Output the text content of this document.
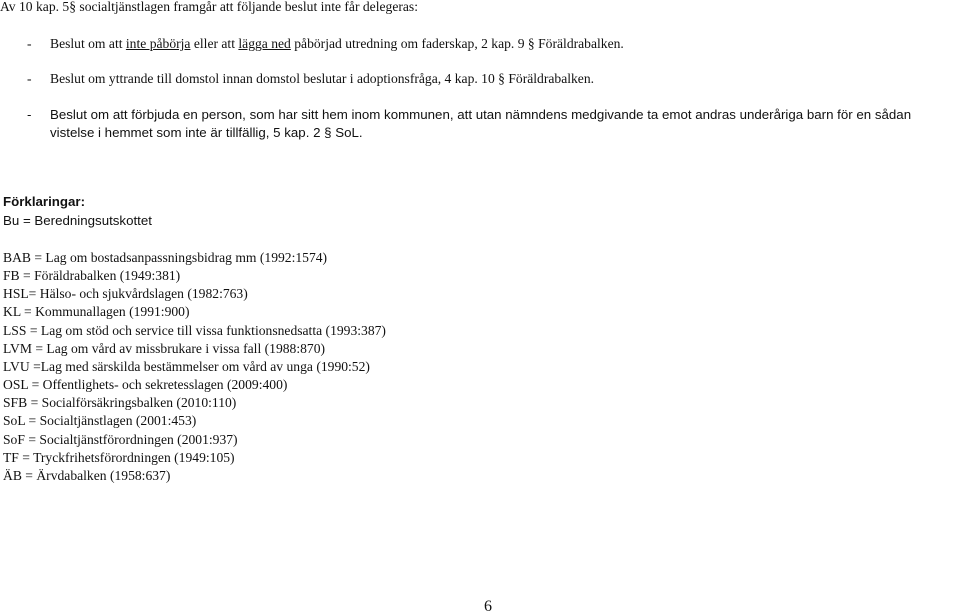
Av 10 kap. 5§ socialtjänstlagen framgår att följande beslut inte får delegeras:
- Beslut om att inte påbörja eller att lägga ned påbörjad utredning om faderskap, 2 kap. 9 § Föräldrabalken.
- Beslut om yttrande till domstol innan domstol beslutar i adoptionsfråga, 4 kap. 10 § Föräldrabalken.
- Beslut om att förbjuda en person, som har sitt hem inom kommunen, att utan nämndens medgivande ta emot andras underåriga barn för en sådan
vistelse i hemmet som inte är tillfällig, 5 kap. 2 § SoL.
Förklaringar:
Bu = Beredningsutskottet
BAB = Lag om bostadsanpassningsbidrag mm (1992:1574)
FB = Föräldrabalken (1949:381)
HSL= Hälso- och sjukvårdslagen (1982:763)
KL = Kommunallagen (1991:900)
LSS = Lag om stöd och service till vissa funktionsnedsatta (1993:387)
LVM = Lag om vård av missbrukare i vissa fall (1988:870)
LVU =Lag med särskilda bestämmelser om vård av unga (1990:52)
OSL = Offentlighets- och sekretesslagen (2009:400)
SFB = Socialförsäkringsbalken (2010:110)
SoL = Socialtjänstlagen (2001:453)
SoF = Socialtjänstförordningen (2001:937)
TF = Tryckfrihetsförordningen (1949:105)
ÄB = Ärvdabalken (1958:637)
6
